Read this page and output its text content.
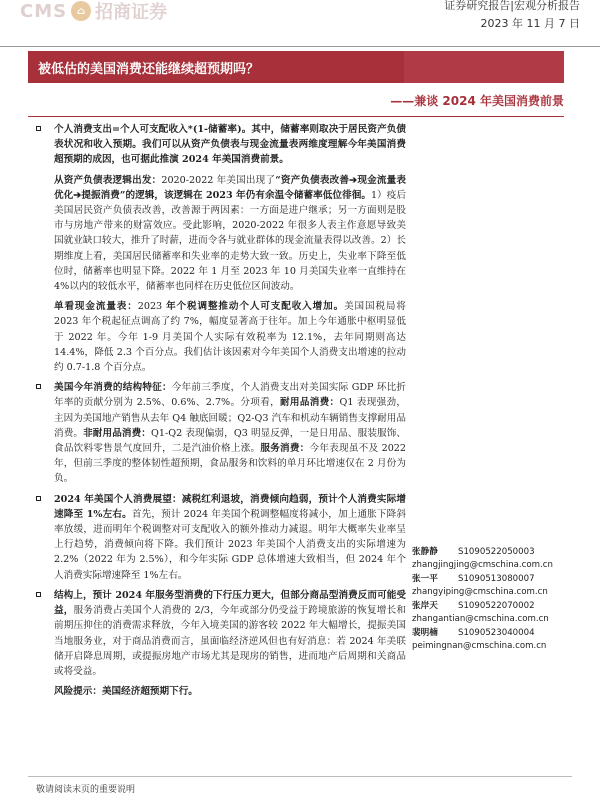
CMS ⌂ 招商证券	证券研究报告|宏观分析报告
2023 年 11 月 7 日
被低估的美国消费还能继续超预期吗？
——兼谈 2024 年美国消费前景

个人消费支出=个人可支配收入*(1-储蓄率)。其中，储蓄率则取决于居民资产负债表状况和收入预期。我们可以从资产负债表与现金流量表两维度理解今年美国消费超预期的成因，也可据此推演 2024 年美国消费前景。

从资产负债表逻辑出发：2020-2022 年美国出现了“资产负债表改善➔现金流量表优化➔提振消费”的逻辑，该逻辑在 2023 年仍有余温令储蓄率低位徘徊。1）疫后美国居民资产负债表改善，改善源于两因素：一方面是进户继承；另一方面则是股市与房地产带来的财富效应。受此影响，2020-2022 年很多人表主作意愿导致美国就业缺口较大，推升了时薪，进而令各与就业群体的现金流量表得以改善。2）长期维度上看，美国居民储蓄率和失业率的走势大致一致。历史上，失业率下降至低位时，储蓄率也明显下降。2022 年 1 月至 2023 年 10 月美国失业率一直维持在 4%以内的较低水平，储蓄率也同样在历史低位区间波动。

单看现金流量表：2023 年个税调整推动个人可支配收入增加。美国国税局将 2023 年个税起征点调高了约 7%，幅度显著高于往年。加上今年通胀中枢明显低于 2022 年。今年 1-9 月美国个人实际有效税率为 12.1%，去年同期则高达 14.4%，降低 2.3 个百分点。我们估计该因素对今年美国个人消费支出增速的拉动约 0.7-1.8 个百分点。

美国今年消费的结构特征：今年前三季度，个人消费支出对美国实际 GDP 环比折年率的贡献分别为 2.5%、0.6%、2.7%。分项看，耐用品消费：Q1 表现强劲，主因为美国地产销售从去年 Q4 触底回暖；Q2-Q3 汽车和机动车辆销售支撑耐用品消费。非耐用品消费：Q1-Q2 表现偏弱，Q3 明显反弹，一是日用品、服装服饰、食品饮料零售景气度回升，二是汽油价格上涨。服务消费：今年表现虽不及 2022 年，但前三季度的整体韧性超预期，食品服务和饮料的单月环比增速仅在 2 月份为负。

2024 年美国个人消费展望：减税红利退坡，消费倾向趋弱，预计个人消费实际增速降至 1%左右。首先，预计 2024 年美国个税调整幅度将减小，加上通胀下降斜率放缓，进而明年个税调整对可支配收入的额外推动力减退。明年大概率失业率呈上行趋势，消费倾向将下降。我们预计 2023 年美国个人消费支出的实际增速为 2.2%（2022 年为 2.5%），和今年实际 GDP 总体增速大致相当，但 2024 年个人消费实际增速降至 1%左右。

结构上，预计 2024 年服务型消费的下行压力更大，但部分商品型消费反而可能受益，服务消费占美国个人消费的 2/3，今年或部分仍受益于跨境旅游的恢复增长和前期压抑住的消费需求释放，今年入境美国的游客较 2022 年大幅增长，提振美国当地服务业，对于商品消费而言，虽面临经济逆风但也有好消息：若 2024 年美联储开启降息周期，或提振房地产市场尤其是现房的销售，进而地产后周期和关商品或将受益。

风险提示：美国经济超预期下行。

张静静	S1090522050003
zhangjingjing@cmschina.com.cn
张一平	S1090513080007
zhangyiping@cmschina.com.cn
张岸天	S1090522070002
zhangantian@cmschina.com.cn
裴明楠	S1090523040004
peimingnan@cmschina.com.cn
敬请阅读末页的重要说明
